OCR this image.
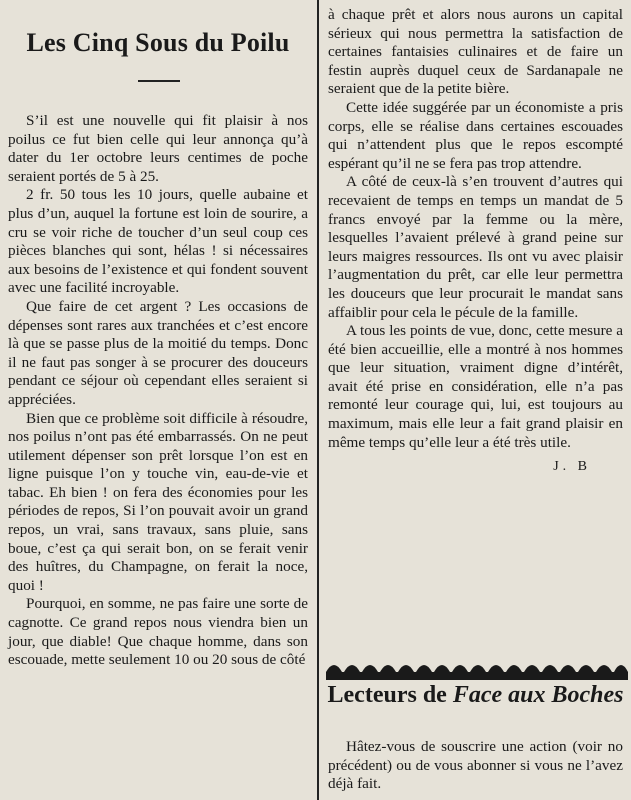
Les Cinq Sous du Poilu

S’il est une nouvelle qui fit plaisir à nos poilus ce fut bien celle qui leur annonça qu’à dater du 1er octobre leurs centimes de poche seraient portés de 5 à 25.

2 fr. 50 tous les 10 jours, quelle aubaine et plus d’un, auquel la fortune est loin de sourire, a cru se voir riche de toucher d’un seul coup ces pièces blanches qui sont, hélas ! si nécessaires aux besoins de l’existence et qui fondent souvent avec une facilité incroyable.

Que faire de cet argent ? Les occasions de dépenses sont rares aux tranchées et c’est encore là que se passe plus de la moitié du temps. Donc il ne faut pas songer à se procurer des douceurs pendant ce séjour où cependant elles seraient si appréciées.

Bien que ce problème soit difficile à résoudre, nos poilus n’ont pas été embarrassés. On ne peut utilement dépenser son prêt lorsque l’on est en ligne puisque l’on y touche vin, eau-de-vie et tabac. Eh bien ! on fera des économies pour les périodes de repos, Si l’on pouvait avoir un grand repos, un vrai, sans travaux, sans pluie, sans boue, c’est ça qui serait bon, on se ferait venir des huîtres, du Champagne, on ferait la noce, quoi !

Pourquoi, en somme, ne pas faire une sorte de cagnotte. Ce grand repos nous viendra bien un jour, que diable! Que chaque homme, dans son escouade, mette seulement 10 ou 20 sous de côté

à chaque prêt et alors nous aurons un capital sérieux qui nous permettra la satisfaction de certaines fantaisies culinaires et de faire un festin auprès duquel ceux de Sardanapale ne seraient que de la petite bière.

Cette idée suggérée par un économiste a pris corps, elle se réalise dans certaines escouades qui n’attendent plus que le repos escompté espérant qu’il ne se fera pas trop attendre.

A côté de ceux-là s’en trouvent d’autres qui recevaient de temps en temps un mandat de 5 francs envoyé par la femme ou la mère, lesquelles l’avaient prélevé à grand peine sur leurs maigres ressources. Ils ont vu avec plaisir l’augmentation du prêt, car elle leur permettra les douceurs que leur procurait le mandat sans affaiblir pour cela le pécule de la famille.

A tous les points de vue, donc, cette mesure a été bien accueillie, elle a montré à nos hommes que leur situation, vraiment digne d’intérêt, avait été prise en considération, elle n’a pas remonté leur courage qui, lui, est toujours au maximum, mais elle leur a fait grand plaisir en même temps qu’elle leur a été très utile.

J. B
Lecteurs de Face aux Boches

Hâtez-vous de souscrire une action (voir no précédent) ou de vous abonner si vous ne l’avez déjà fait.
